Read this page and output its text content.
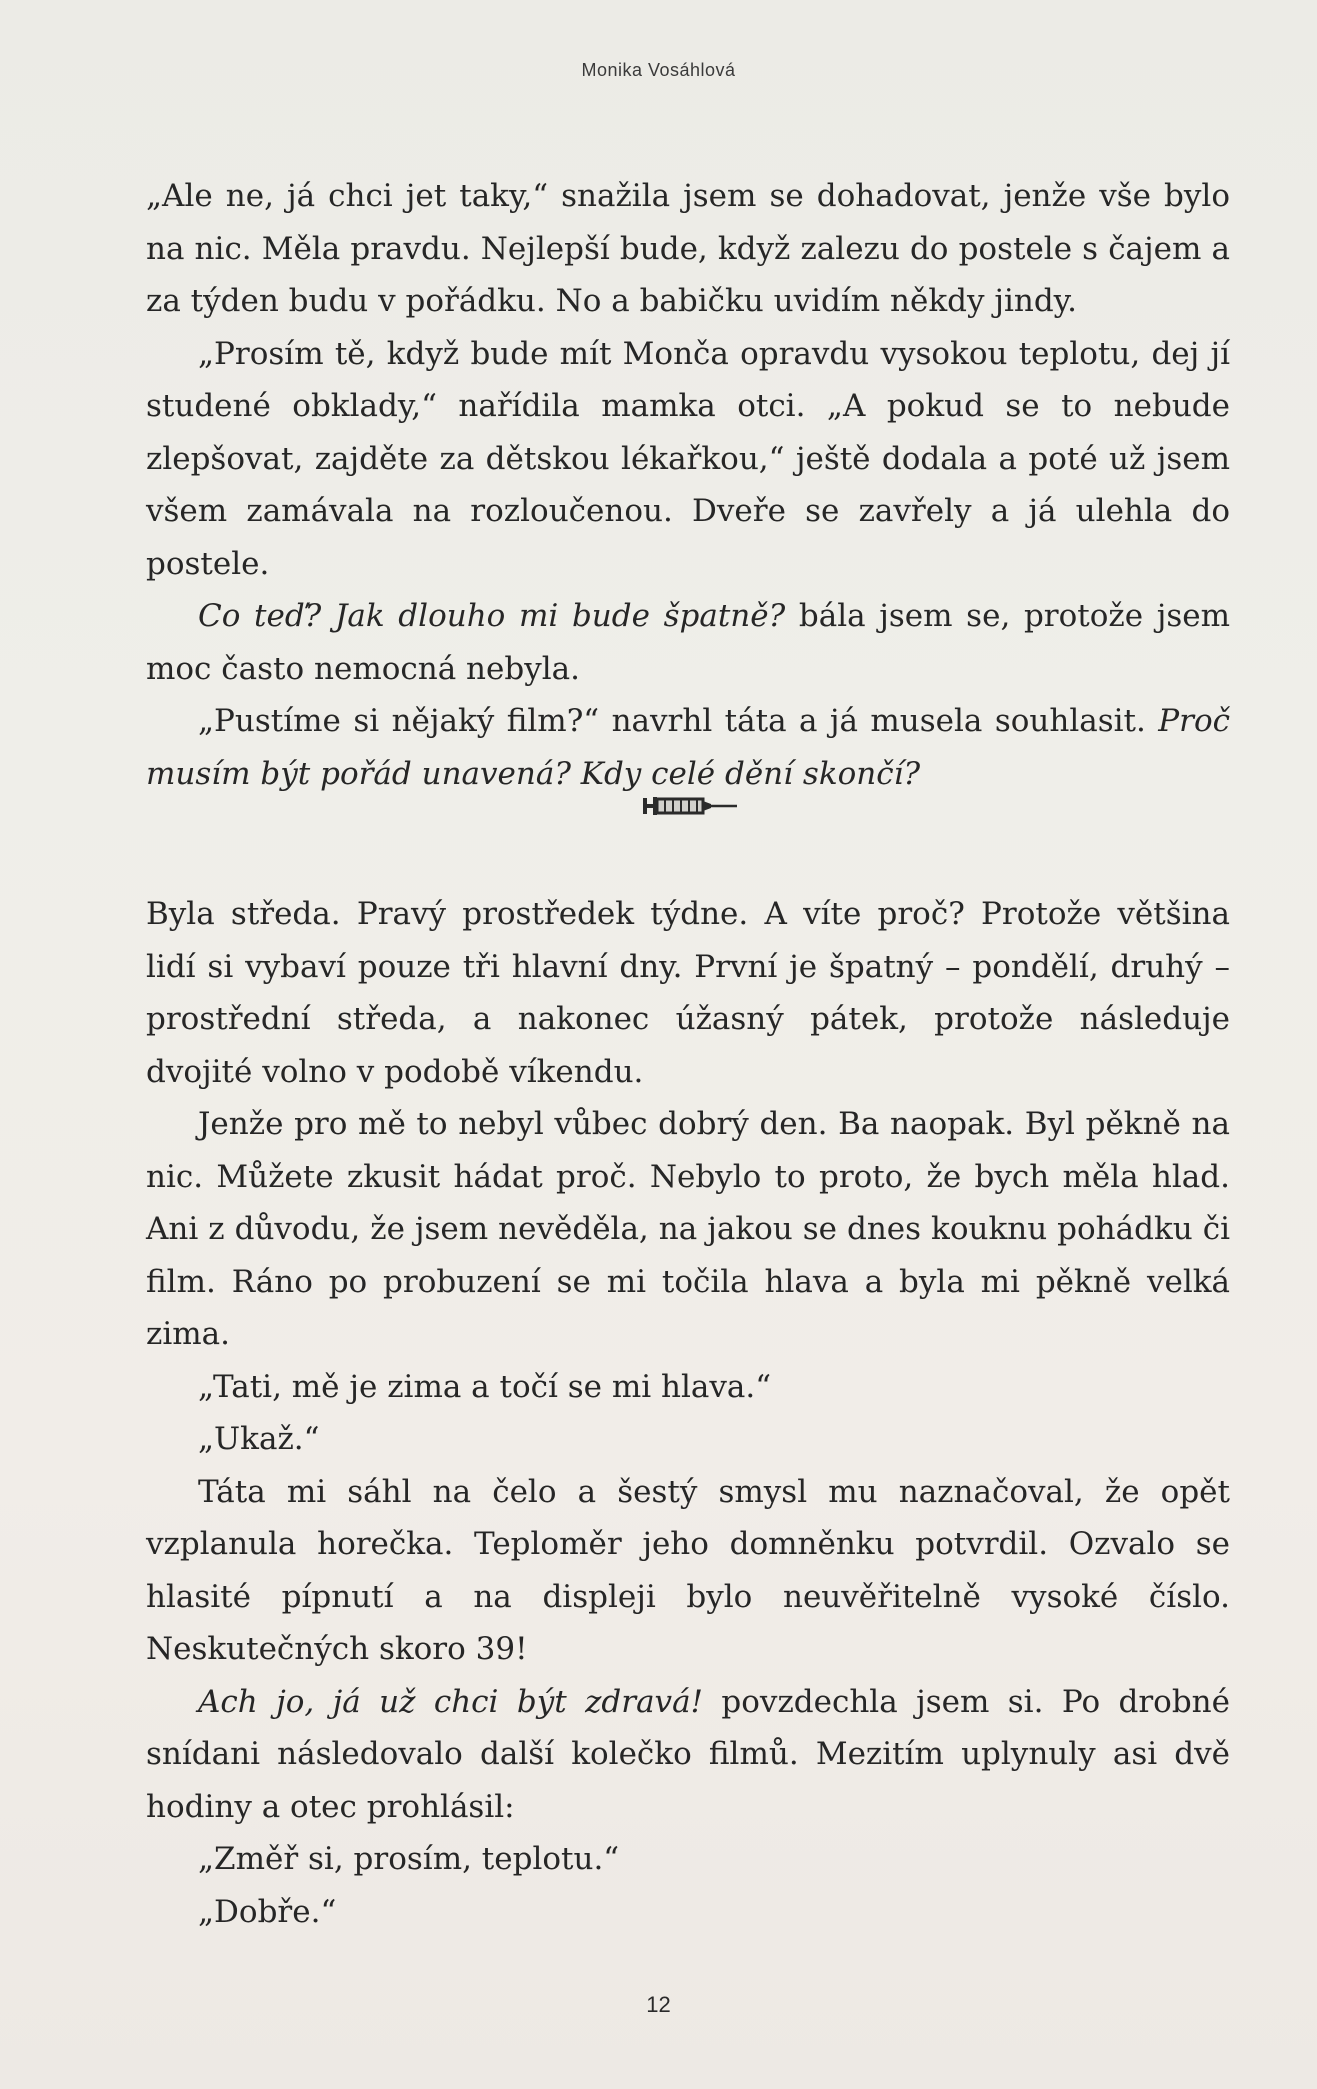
Monika Vosáhlová

„Ale ne, já chci jet taky,“ snažila jsem se dohadovat, jenže vše bylo na nic. Měla pravdu. Nejlepší bude, když zalezu do postele s čajem a za týden budu v pořádku. No a babičku uvidím někdy jindy.

„Prosím tě, když bude mít Monča opravdu vysokou teplotu, dej jí studené obklady,“ nařídila mamka otci. „A pokud se to nebude zlepšovat, zajděte za dětskou lékařkou,“ ještě dodala a poté už jsem všem zamávala na rozloučenou. Dveře se zavřely a já ulehla do postele.

Co teď? Jak dlouho mi bude špatně? bála jsem se, protože jsem moc často nemocná nebyla.

„Pustíme si nějaký film?“ navrhl táta a já musela souhlasit. Proč musím být pořád unavená? Kdy celé dění skončí?

Byla středa. Pravý prostředek týdne. A víte proč? Protože většina lidí si vybaví pouze tři hlavní dny. První je špatný – pondělí, druhý – prostřední středa, a nakonec úžasný pátek, protože následuje dvojité volno v podobě víkendu.

Jenže pro mě to nebyl vůbec dobrý den. Ba naopak. Byl pěkně na nic. Můžete zkusit hádat proč. Nebylo to proto, že bych měla hlad. Ani z důvodu, že jsem nevěděla, na jakou se dnes kouknu pohádku či film. Ráno po probuzení se mi točila hlava a byla mi pěkně velká zima.

„Tati, mě je zima a točí se mi hlava.“

„Ukaž.“

Táta mi sáhl na čelo a šestý smysl mu naznačoval, že opět vzplanula horečka. Teploměr jeho domněnku potvrdil. Ozvalo se hlasité pípnutí a na displeji bylo neuvěřitelně vysoké číslo. Neskutečných skoro 39!

Ach jo, já už chci být zdravá! povzdechla jsem si. Po drobné snídani následovalo další kolečko filmů. Mezitím uplynuly asi dvě hodiny a otec prohlásil:

„Změř si, prosím, teplotu.“

„Dobře.“

12
